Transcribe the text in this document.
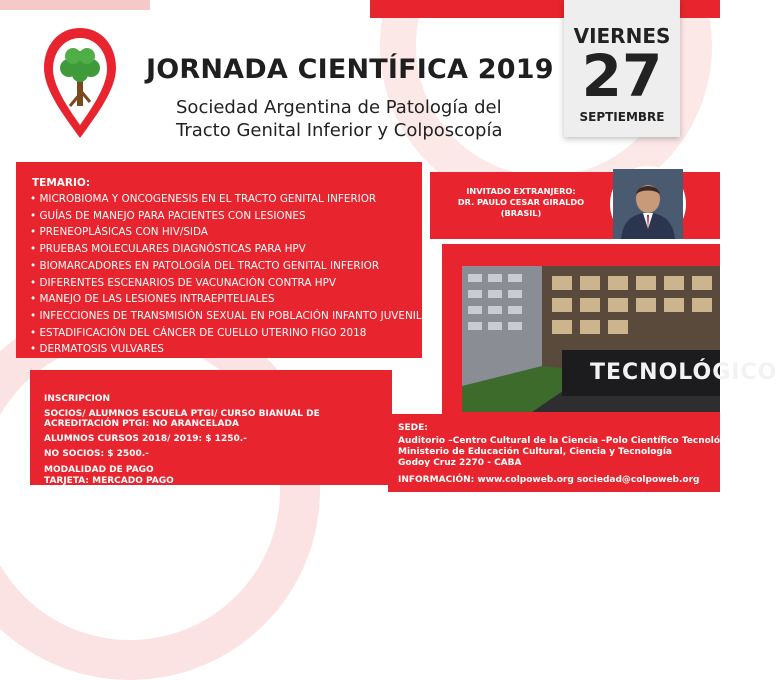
JORNADA CIENTÍFICA 2019
Sociedad Argentina de Patología del
Tracto Genital Inferior y Colposcopía
VIERNES
27
SEPTIEMBRE
TEMARIO:
• MICROBIOMA Y ONCOGENESIS EN EL TRACTO GENITAL INFERIOR
• GUÍAS DE MANEJO PARA PACIENTES CON LESIONES
• PRENEOPLÁSICAS CON HIV/SIDA
• PRUEBAS MOLECULARES DIAGNÓSTICAS PARA HPV
• BIOMARCADORES EN PATOLOGÍA DEL TRACTO GENITAL INFERIOR
• DIFERENTES ESCENARIOS DE VACUNACIÓN CONTRA HPV
• MANEJO DE LAS LESIONES INTRAEPITELIALES
• INFECCIONES DE TRANSMISIÓN SEXUAL EN POBLACIÓN INFANTO JUVENIL
• ESTADIFICACIÓN DEL CÁNCER DE CUELLO UTERINO FIGO 2018
• DERMATOSIS VULVARES
INVITADO EXTRANJERO:
DR. PAULO CESAR GIRALDO
(BRASIL)
TECNOLÓGICO
INSCRIPCION
SOCIOS/ ALUMNOS ESCUELA PTGI/ CURSO BIANUAL DE
ACREDITACIÓN PTGI: NO ARANCELADA
ALUMNOS CURSOS 2018/ 2019: $ 1250.-
NO SOCIOS: $ 2500.-
MODALIDAD DE PAGO
TARJETA: MERCADO PAGO
SEDE:
Auditorio –Centro Cultural de la Ciencia –Polo Científico Tecnológico.
Ministerio de Educación Cultural, Ciencia y Tecnología
Godoy Cruz 2270 - CABA
INFORMACIÓN: www.colpoweb.org sociedad@colpoweb.org
